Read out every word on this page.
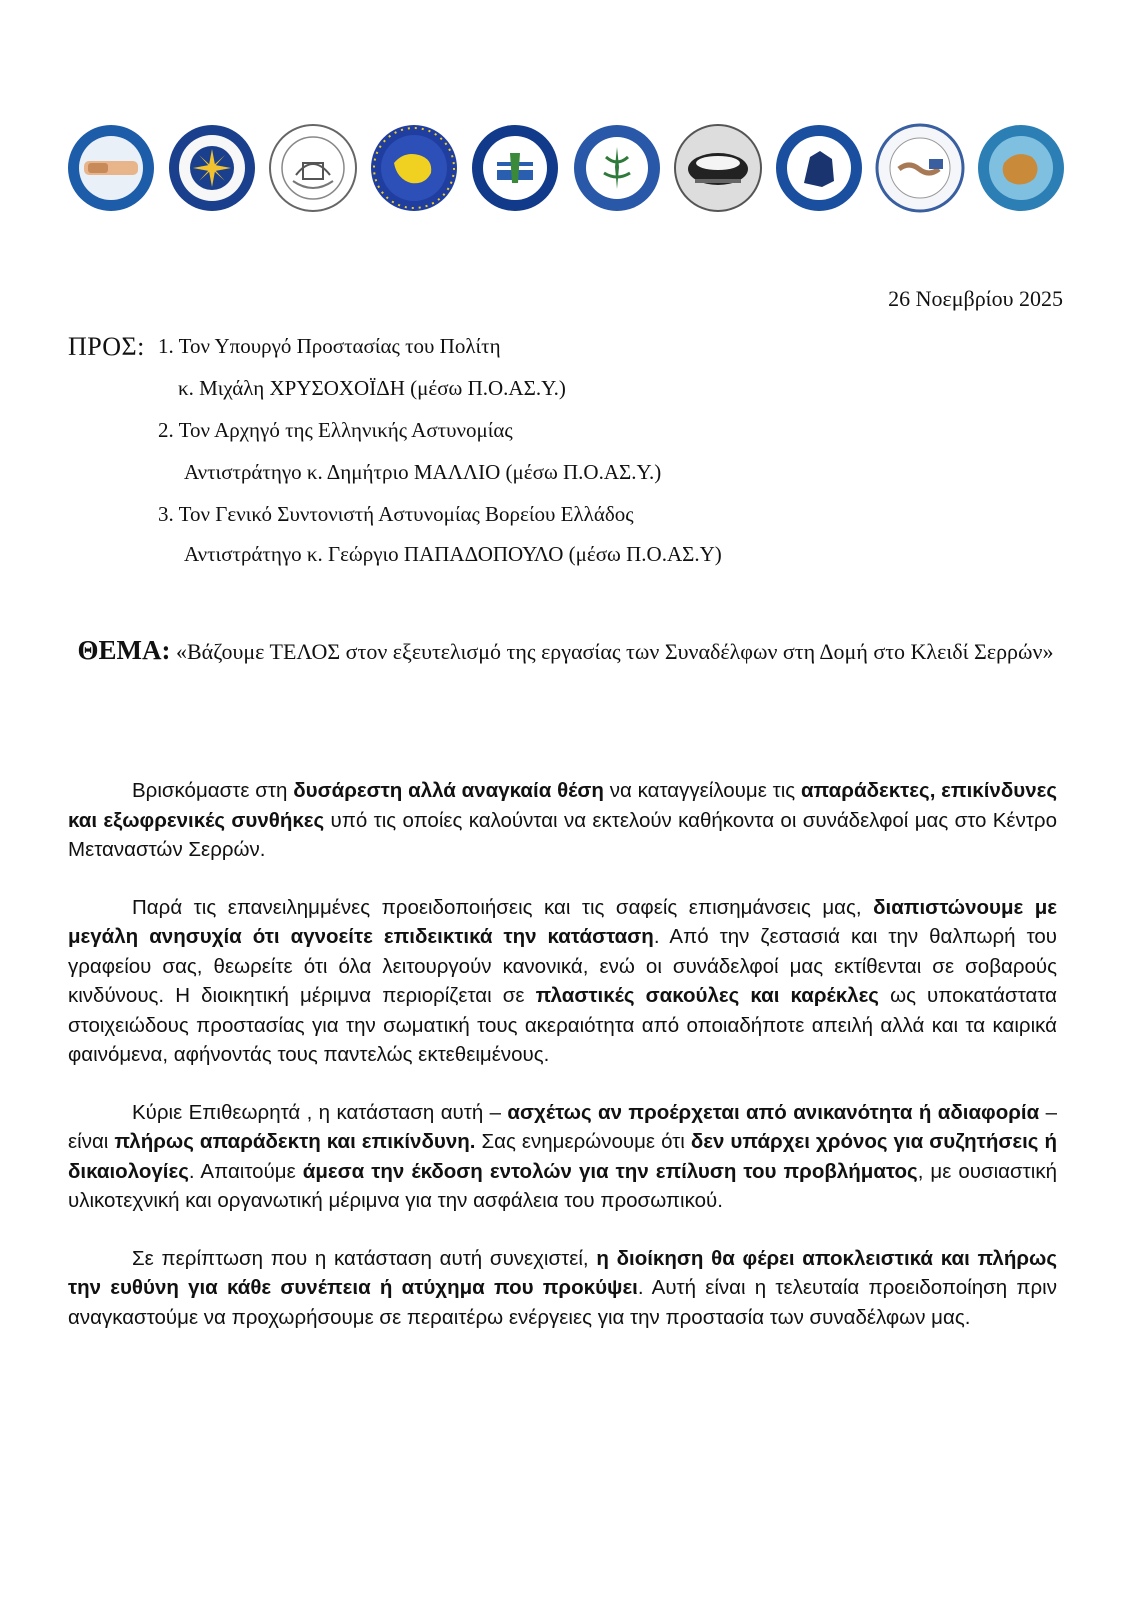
26 Νοεμβρίου 2025
ΠΡΟΣ: 1. Τον Υπουργό Προστασίας του Πολίτη
κ. Μιχάλη ΧΡΥΣΟΧΟΪΔΗ (μέσω Π.Ο.ΑΣ.Υ.)
2. Τον Αρχηγό της Ελληνικής Αστυνομίας
Αντιστράτηγο κ. Δημήτριο ΜΑΛΛΙΟ (μέσω Π.Ο.ΑΣ.Υ.)
3. Τον Γενικό Συντονιστή Αστυνομίας Βορείου Ελλάδος
Αντιστράτηγο κ. Γεώργιο ΠΑΠΑΔΟΠΟΥΛΟ (μέσω Π.Ο.ΑΣ.Υ)
ΘΕΜΑ: «Βάζουμε ΤΕΛΟΣ στον εξευτελισμό της εργασίας των Συναδέλφων στη Δομή στο Κλειδί Σερρών»

Βρισκόμαστε στη δυσάρεστη αλλά αναγκαία θέση να καταγγείλουμε τις απαράδεκτες, επικίνδυνες και εξωφρενικές συνθήκες υπό τις οποίες καλούνται να εκτελούν καθήκοντα οι συνάδελφοί μας στο Κέντρο Μεταναστών Σερρών.

Παρά τις επανειλημμένες προειδοποιήσεις και τις σαφείς επισημάνσεις μας, διαπιστώνουμε με μεγάλη ανησυχία ότι αγνοείτε επιδεικτικά την κατάσταση. Από την ζεστασιά και την θαλπωρή του γραφείου σας, θεωρείτε ότι όλα λειτουργούν κανονικά, ενώ οι συνάδελφοί μας εκτίθενται σε σοβαρούς κινδύνους. Η διοικητική μέριμνα περιορίζεται σε πλαστικές σακούλες και καρέκλες ως υποκατάστατα στοιχειώδους προστασίας για την σωματική τους ακεραιότητα από οποιαδήποτε απειλή αλλά και τα καιρικά φαινόμενα, αφήνοντάς τους παντελώς εκτεθειμένους.

Κύριε Επιθεωρητά , η κατάσταση αυτή – ασχέτως αν προέρχεται από ανικανότητα ή αδιαφορία – είναι πλήρως απαράδεκτη και επικίνδυνη. Σας ενημερώνουμε ότι δεν υπάρχει χρόνος για συζητήσεις ή δικαιολογίες. Απαιτούμε άμεσα την έκδοση εντολών για την επίλυση του προβλήματος, με ουσιαστική υλικοτεχνική και οργανωτική μέριμνα για την ασφάλεια του προσωπικού.

Σε περίπτωση που η κατάσταση αυτή συνεχιστεί, η διοίκηση θα φέρει αποκλειστικά και πλήρως την ευθύνη για κάθε συνέπεια ή ατύχημα που προκύψει. Αυτή είναι η τελευταία προειδοποίηση πριν αναγκαστούμε να προχωρήσουμε σε περαιτέρω ενέργειες για την προστασία των συναδέλφων μας.
